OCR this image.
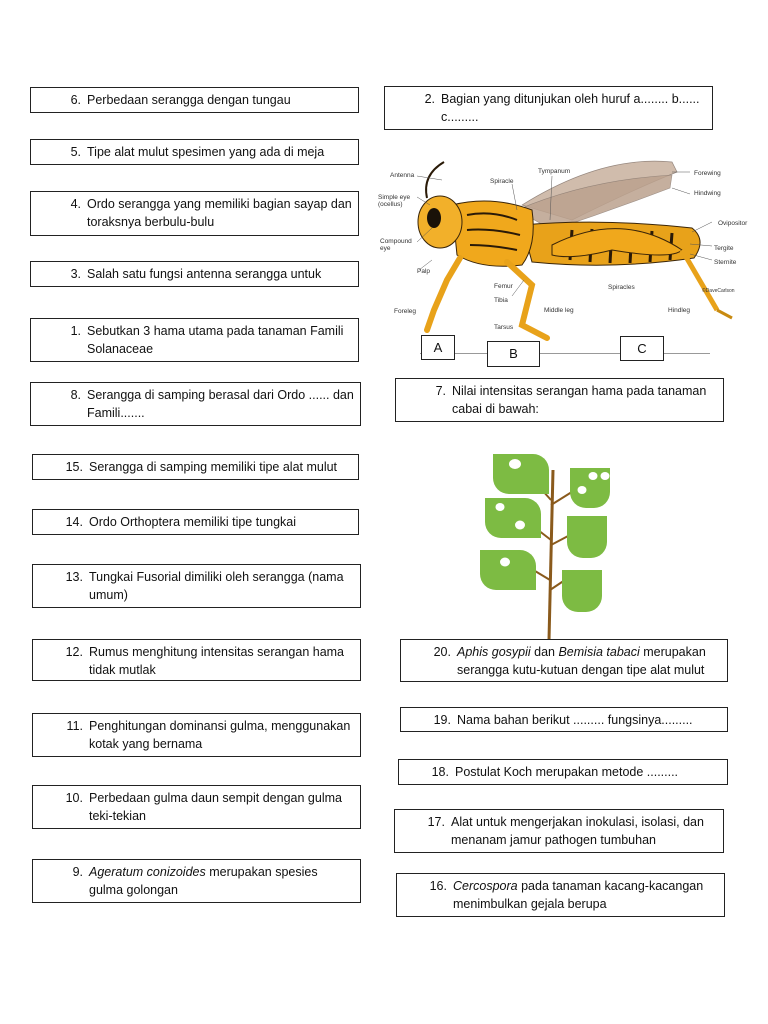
6. Perbedaan serangga dengan tungau
5. Tipe alat mulut spesimen yang ada di meja
4. Ordo serangga yang memiliki bagian sayap dan toraksnya berbulu-bulu
3. Salah satu fungsi antenna serangga untuk
1. Sebutkan 3 hama utama pada tanaman Famili Solanaceae
8. Serangga di samping berasal dari Ordo ...... dan Famili.......
15. Serangga di samping memiliki tipe alat mulut
14. Ordo Orthoptera memiliki tipe tungkai
13. Tungkai Fusorial dimiliki oleh serangga (nama umum)
12. Rumus menghitung intensitas serangan hama tidak mutlak
11. Penghitungan dominansi gulma, menggunakan kotak yang bernama
10. Perbedaan gulma daun sempit dengan gulma teki-tekian
9. Ageratum conizoides merupakan spesies gulma golongan
2. Bagian yang ditunjukan oleh huruf a........ b...... c.........
Antenna
Simple eye
(ocellus)
Compound
eye
Palp
Foreleg
Spiracle
Tympanum
Femur
Tibia
Tarsus
Middle leg
Spiracles
Forewing
Hindwing
Ovipositor
Tergite
Sternite
©DaveCarlson
Hindleg
A	B	C
7. Nilai intensitas serangan hama pada tanaman cabai di bawah:
20. Aphis gosypii dan Bemisia tabaci merupakan serangga kutu-kutuan dengan tipe alat mulut
19. Nama bahan berikut ......... fungsinya.........
18. Postulat Koch merupakan metode .........
17. Alat untuk mengerjakan inokulasi, isolasi, dan menanam jamur pathogen tumbuhan
16. Cercospora pada tanaman kacang-kacangan menimbulkan gejala berupa
